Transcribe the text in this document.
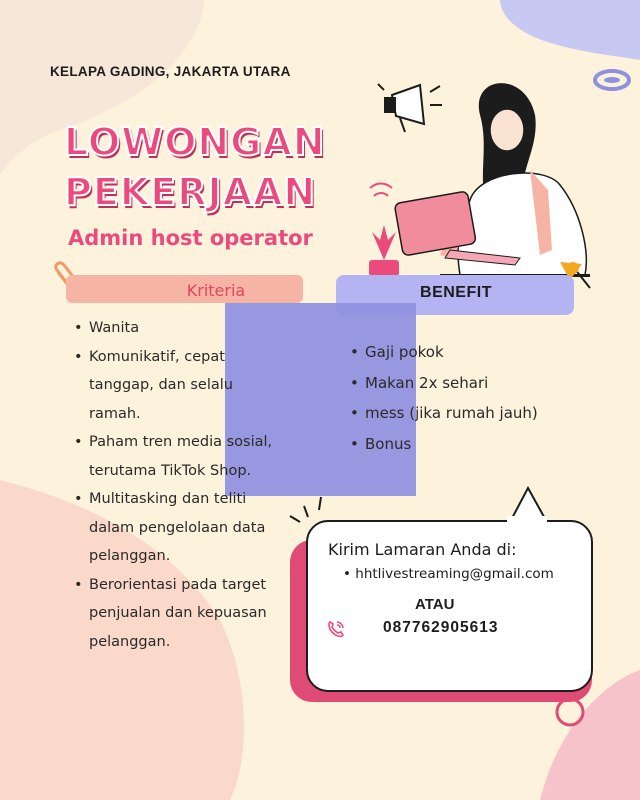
KELAPA GADING, JAKARTA UTARA
LOWONGAN
PEKERJAAN
Admin host operator
Kriteria	BENEFIT
• Wanita
• Komunikatif, cepat tanggap, dan selalu ramah.
• Paham tren media sosial, terutama TikTok Shop.
• Multitasking dan teliti dalam pengelolaan data pelanggan.
• Berorientasi pada target penjualan dan kepuasan pelanggan.
• Gaji pokok
• Makan 2x sehari
• mess (jika rumah jauh)
• Bonus
Kirim Lamaran Anda di:
• hhtlivestreaming@gmail.com
ATAU
087762905613
